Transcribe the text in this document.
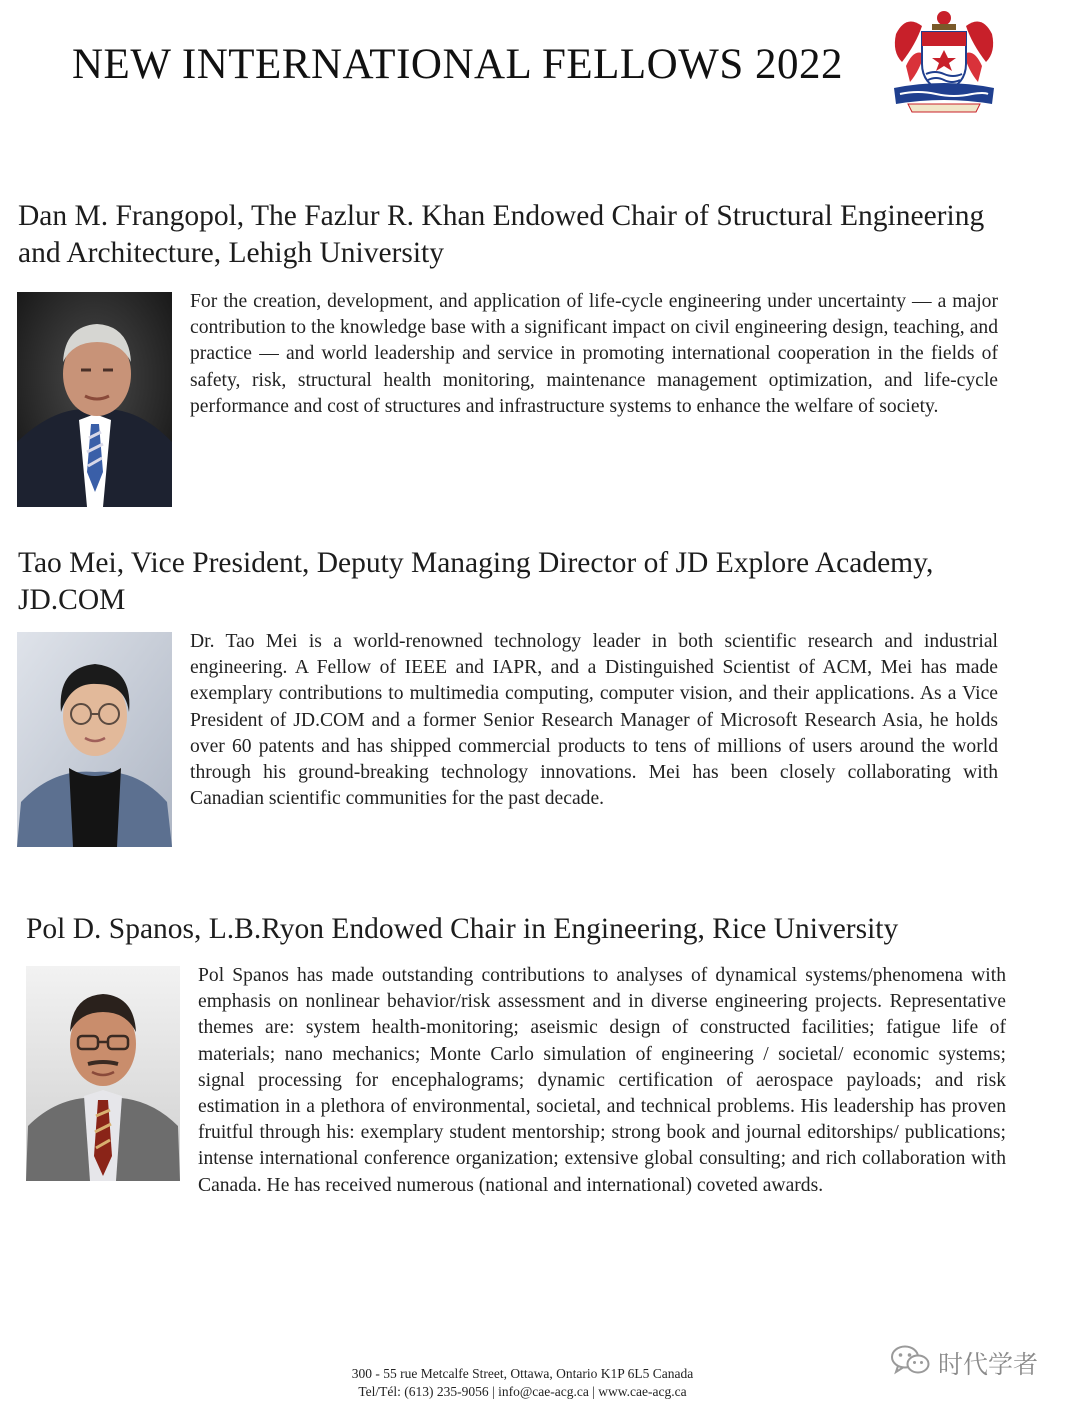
NEW INTERNATIONAL FELLOWS 2022
Dan M. Frangopol, The Fazlur R. Khan Endowed Chair of Structural Engineering and Architecture, Lehigh University
For the creation, development, and application of life-cycle engineering under uncertainty — a major contribution to the knowledge base with a significant impact on civil engineering design, teaching, and practice — and world leadership and service in promoting international cooperation in the fields of safety, risk, structural health monitoring, maintenance management optimization, and life-cycle performance and cost of structures and infrastructure systems to enhance the welfare of society.
Tao Mei, Vice President, Deputy Managing Director of JD Explore Academy, JD.COM
Dr. Tao Mei is a world-renowned technology leader in both scientific research and industrial engineering. A Fellow of IEEE and IAPR, and a Distinguished Scientist of ACM, Mei has made exemplary contributions to multimedia computing, computer vision, and their applications. As a Vice President of JD.COM and a former Senior Research Manager of Microsoft Research Asia, he holds over 60 patents and has shipped commercial products to tens of millions of users around the world through his ground-breaking technology innovations. Mei has been closely collaborating with Canadian scientific communities for the past decade.
Pol D. Spanos, L.B.Ryon Endowed Chair in Engineering, Rice University
Pol Spanos has made outstanding contributions to analyses of dynamical systems/phenomena with emphasis on nonlinear behavior/risk assessment and in diverse engineering projects. Representative themes are: system health-monitoring; aseismic design of constructed facilities; fatigue life of materials; nano mechanics; Monte Carlo simulation of engineering / societal/ economic systems; signal processing for encephalograms; dynamic certification of aerospace payloads; and risk estimation in a plethora of environmental, societal, and technical problems. His leadership has proven fruitful through his: exemplary student mentorship; strong book and journal editorships/ publications; intense international conference organization; extensive global consulting; and rich collaboration with Canada. He has received numerous (national and international) coveted awards.
300 - 55 rue Metcalfe Street, Ottawa, Ontario K1P 6L5 Canada
Tel/Tél: (613) 235-9056 | info@cae-acg.ca | www.cae-acg.ca
时代学者
